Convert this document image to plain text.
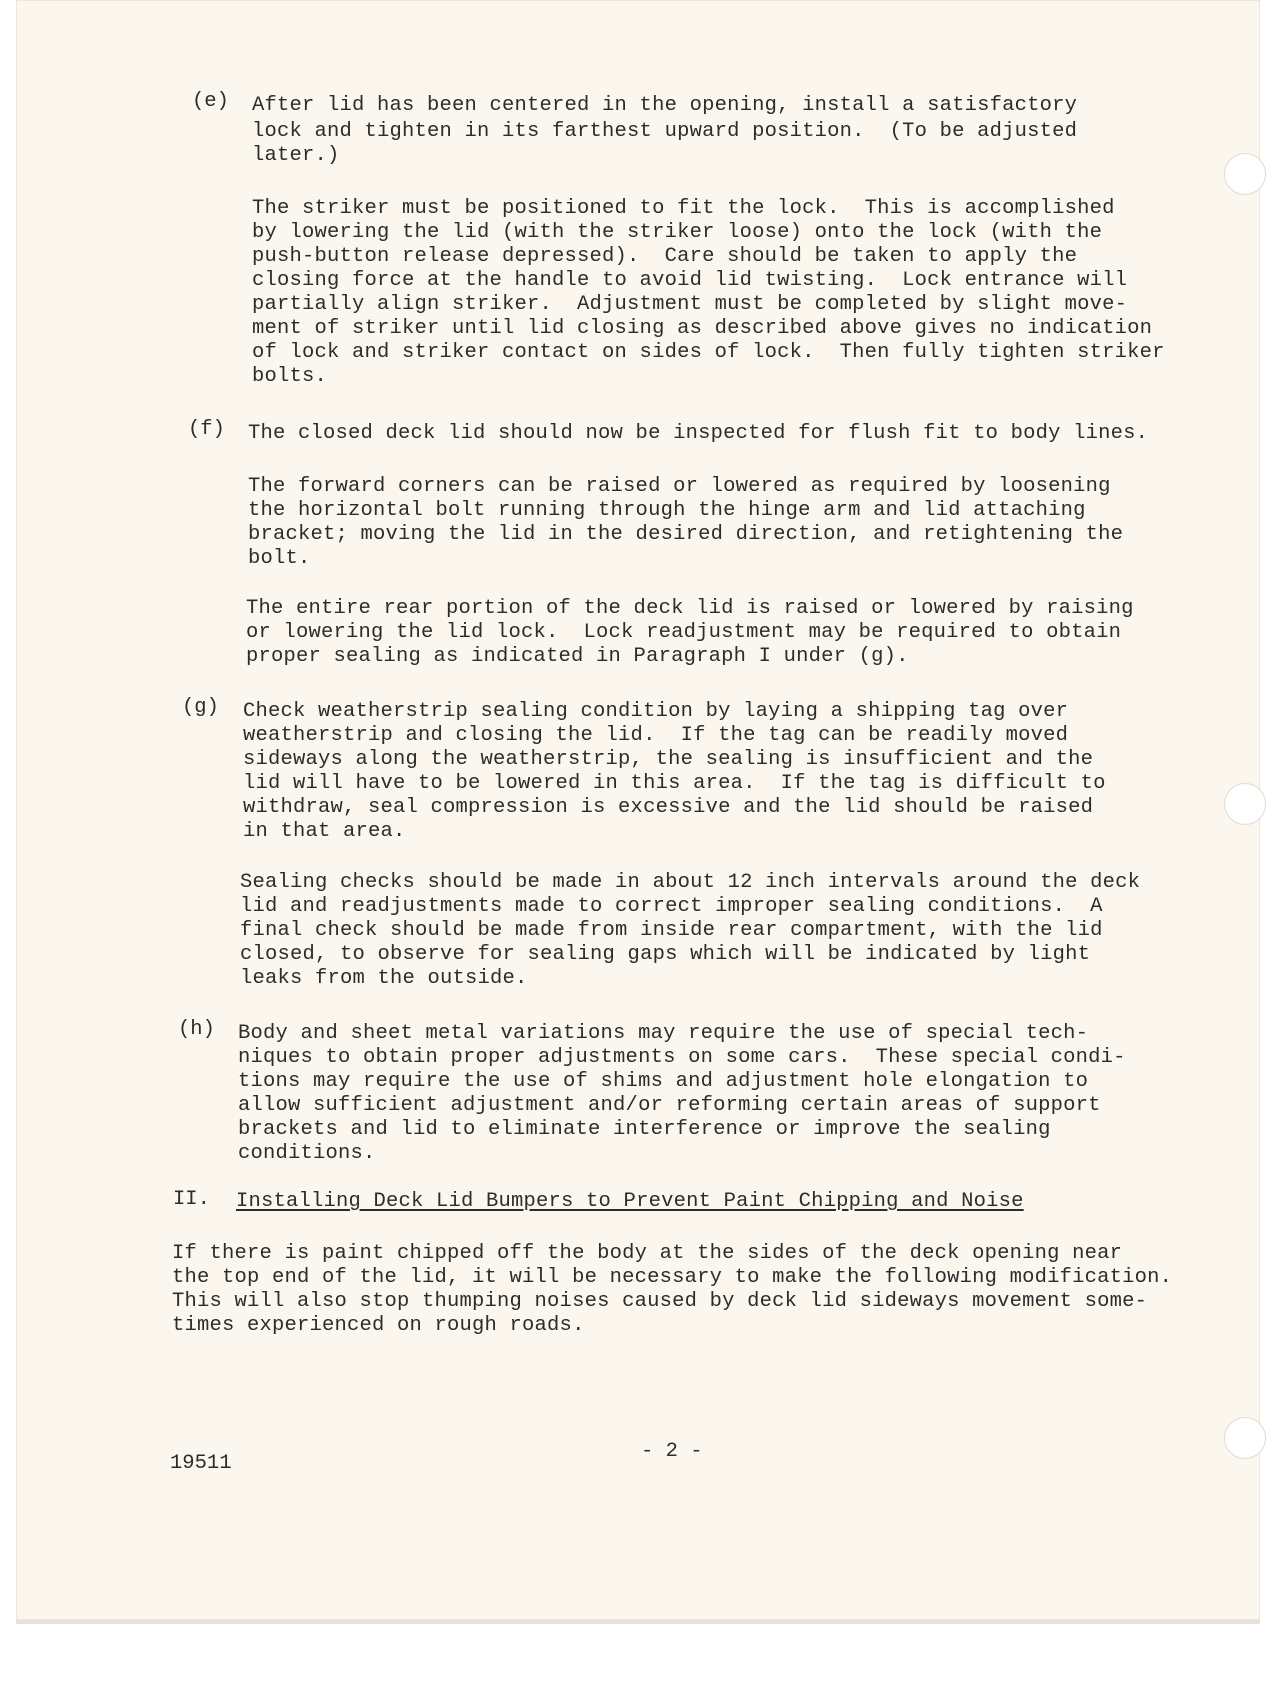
(e) After lid has been centered in the opening, install a satisfactory
lock and tighten in its farthest upward position.  (To be adjusted
later.)
The striker must be positioned to fit the lock.  This is accomplished
by lowering the lid (with the striker loose) onto the lock (with the
push-button release depressed).  Care should be taken to apply the
closing force at the handle to avoid lid twisting.  Lock entrance will
partially align striker.  Adjustment must be completed by slight move-
ment of striker until lid closing as described above gives no indication
of lock and striker contact on sides of lock.  Then fully tighten striker
bolts.
(f) The closed deck lid should now be inspected for flush fit to body lines.
The forward corners can be raised or lowered as required by loosening
the horizontal bolt running through the hinge arm and lid attaching
bracket; moving the lid in the desired direction, and retightening the
bolt.
The entire rear portion of the deck lid is raised or lowered by raising
or lowering the lid lock.  Lock readjustment may be required to obtain
proper sealing as indicated in Paragraph I under (g).
(g) Check weatherstrip sealing condition by laying a shipping tag over
weatherstrip and closing the lid.  If the tag can be readily moved
sideways along the weatherstrip, the sealing is insufficient and the
lid will have to be lowered in this area.  If the tag is difficult to
withdraw, seal compression is excessive and the lid should be raised
in that area.
Sealing checks should be made in about 12 inch intervals around the deck
lid and readjustments made to correct improper sealing conditions.  A
final check should be made from inside rear compartment, with the lid
closed, to observe for sealing gaps which will be indicated by light
leaks from the outside.
(h) Body and sheet metal variations may require the use of special tech-
niques to obtain proper adjustments on some cars.  These special condi-
tions may require the use of shims and adjustment hole elongation to
allow sufficient adjustment and/or reforming certain areas of support
brackets and lid to eliminate interference or improve the sealing
conditions.
II. Installing Deck Lid Bumpers to Prevent Paint Chipping and Noise
If there is paint chipped off the body at the sides of the deck opening near
the top end of the lid, it will be necessary to make the following modification.
This will also stop thumping noises caused by deck lid sideways movement some-
times experienced on rough roads.
- 2 -
19511
